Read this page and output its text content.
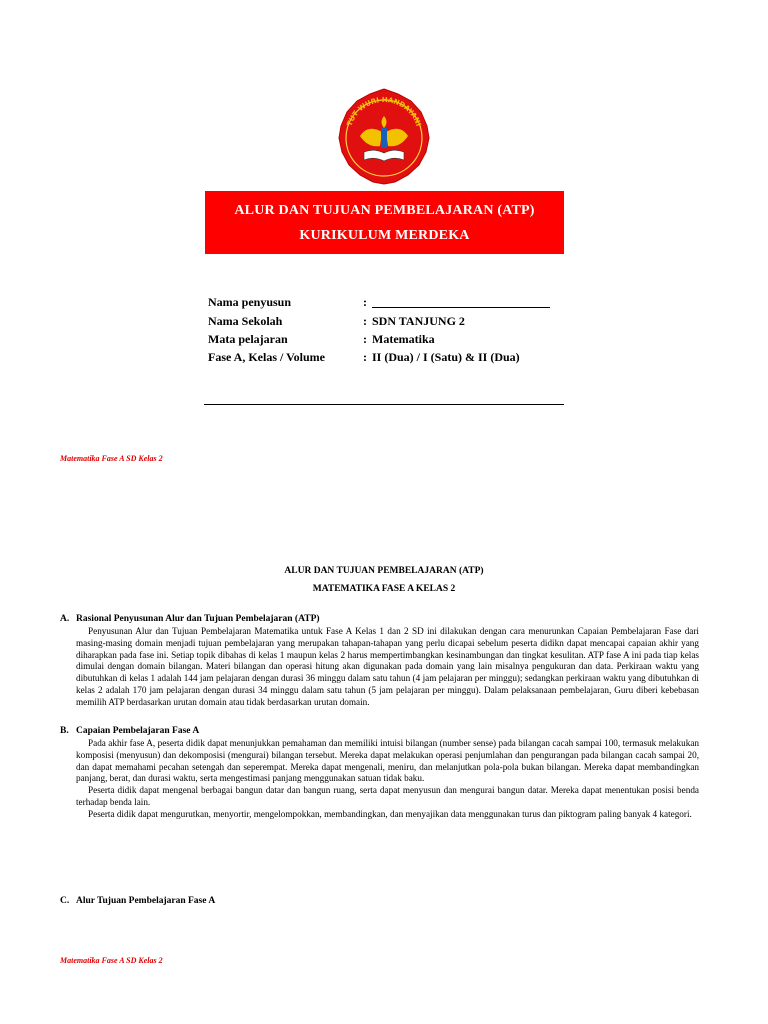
TUT WURI HANDAYANI
ALUR DAN TUJUAN PEMBELAJARAN (ATP)
KURIKULUM MERDEKA
Nama penyusun	:
Nama Sekolah	: SDN TANJUNG 2
Mata pelajaran	: Matematika
Fase A, Kelas / Volume	: II (Dua) / I (Satu) & II (Dua)
Matematika Fase A SD Kelas 2
ALUR DAN TUJUAN PEMBELAJARAN (ATP)
MATEMATIKA FASE A KELAS 2
A. Rasional Penyusunan Alur dan Tujuan Pembelajaran (ATP)

Penyusunan Alur dan Tujuan Pembelajaran Matematika untuk Fase A Kelas 1 dan 2 SD ini dilakukan dengan cara menurunkan Capaian Pembelajaran Fase dari masing-masing domain menjadi tujuan pembelajaran yang merupakan tahapan-tahapan yang perlu dicapai sebelum peserta didikn dapat mencapai capaian akhir yang diharapkan pada fase ini. Setiap topik dibahas di kelas 1 maupun kelas 2 harus mempertimbangkan kesinambungan dan tingkat kesulitan. ATP fase A ini pada tiap kelas dimulai dengan domain bilangan. Materi bilangan dan operasi hitung akan digunakan pada domain yang lain misalnya pengukuran dan data. Perkiraan waktu yang dibutuhkan di kelas 1 adalah 144 jam pelajaran dengan durasi 36 minggu dalam satu tahun (4 jam pelajaran per minggu); sedangkan perkiraan waktu yang dibutuhkan di kelas 2 adalah 170 jam pelajaran dengan durasi 34 minggu dalam satu tahun (5 jam pelajaran per minggu). Dalam pelaksanaan pembelajaran, Guru diberi kebebasan memilih ATP berdasarkan urutan domain atau tidak berdasarkan urutan domain.

B. Capaian Pembelajaran Fase A

Pada akhir fase A, peserta didik dapat menunjukkan pemahaman dan memiliki intuisi bilangan (number sense) pada bilangan cacah sampai 100, termasuk melakukan komposisi (menyusun) dan dekomposisi (mengurai) bilangan tersebut. Mereka dapat melakukan operasi penjumlahan dan pengurangan pada bilangan cacah sampai 20, dan dapat memahami pecahan setengah dan seperempat. Mereka dapat mengenali, meniru, dan melanjutkan pola-pola bukan bilangan. Mereka dapat membandingkan panjang, berat, dan durasi waktu, serta mengestimasi panjang menggunakan satuan tidak baku.

Peserta didik dapat mengenal berbagai bangun datar dan bangun ruang, serta dapat menyusun dan mengurai bangun datar. Mereka dapat menentukan posisi benda terhadap benda lain.

Peserta didik dapat mengurutkan, menyortir, mengelompokkan, membandingkan, dan menyajikan data menggunakan turus dan piktogram paling banyak 4 kategori.

C. Alur Tujuan Pembelajaran Fase A
Matematika Fase A SD Kelas 2
